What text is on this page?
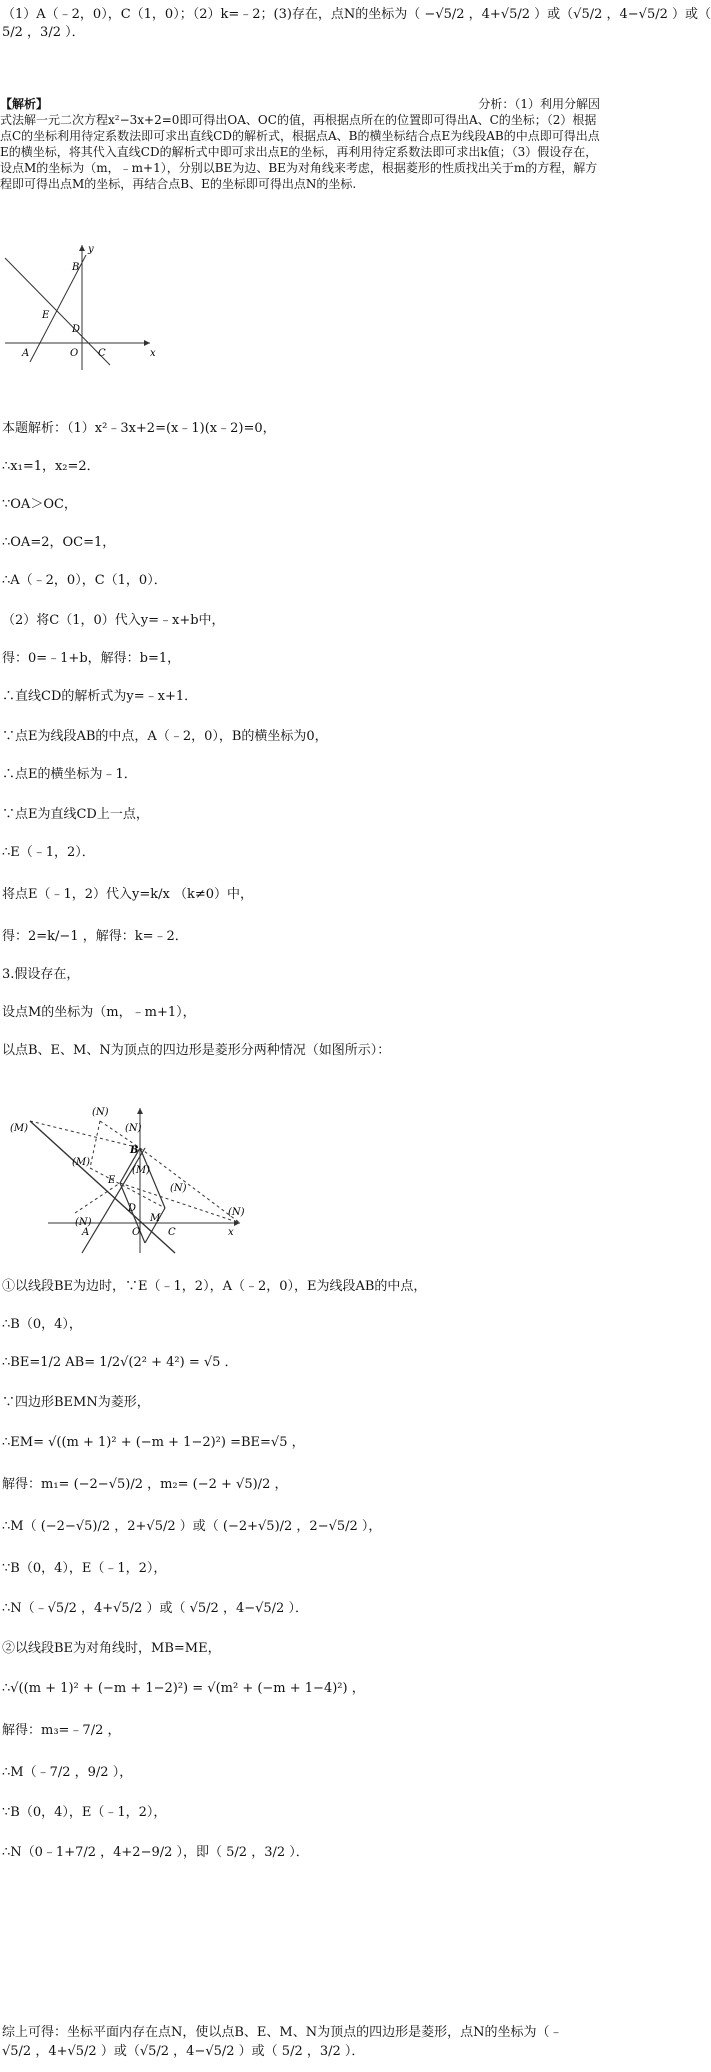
（1）A（﹣2，0），C（1，0）；（2）k=﹣2；(3)存在，点N的坐标为（ −√5/2 ，4+√5/2 ）或（√5/2 ，4−√5/2 ）或（
5/2 ，3/2 ）．
【解析】	分析：（1）利用分解因
式法解一元二次方程x²−3x+2=0即可得出OA、OC的值，再根据点所在的位置即可得出A、C的坐标；（2）根据点C的坐标利用待定系数法即可求出直线CD的解析式，根据点A、B的横坐标结合点E为线段AB的中点即可得出点E的横坐标，将其代入直线CD的解析式中即可求出点E的坐标，再利用待定系数法即可求出k值；（3）假设存在，设点M的坐标为（m，﹣m+1），分别以BE为边、BE为对角线来考虑，根据菱形的性质找出关于m的方程，解方程即可得出点M的坐标，再结合点B、E的坐标即可得出点N的坐标.
y
B
E
D
A	O C	x
本题解析：（1）x²﹣3x+2=(x﹣1)(x﹣2)=0，
∴x₁=1，x₂=2．
∵OA＞OC，
∴OA=2，OC=1，
∴A（﹣2，0），C（1，0）．
（2）将C（1，0）代入y=﹣x+b中，
得：0=﹣1+b，解得：b=1，
∴直线CD的解析式为y=﹣x+1．
∵点E为线段AB的中点，A（﹣2，0），B的横坐标为0，
∴点E的横坐标为﹣1．
∵点E为直线CD上一点，
∴E（﹣1，2）．
将点E（﹣1，2）代入y=k/x （k≠0）中，
得：2=k/−1 ，解得：k=﹣2．
3.假设存在，
设点M的坐标为（m，﹣m+1），
以点B、E、M、N为顶点的四边形是菱形分两种情况（如图所示）：
①以线段BE为边时，∵E（﹣1，2），A（﹣2，0），E为线段AB的中点，
∴B（0，4），
∴BE=1/2 AB= 1/2√(2² + 4²) = √5 ．
∵四边形BEMN为菱形，
∴EM= √((m + 1)² + (−m + 1−2)²) =BE=√5 ，
解得：m₁= (−2−√5)/2 ，m₂= (−2 + √5)/2 ，
∴M（ (−2−√5)/2 ，2+√5/2 ）或（ (−2+√5)/2 ，2−√5/2 ），
∵B（0，4），E（﹣1，2），
∴N（﹣√5/2 ，4+√5/2 ）或（ √5/2 ，4−√5/2 ）．
②以线段BE为对角线时，MB=ME，
∴√((m + 1)² + (−m + 1−2)²) = √(m² + (−m + 1−4)²) ，
解得：m₃=﹣7/2 ，
∴M（﹣7/2 ，9/2 ），
∵B（0，4），E（﹣1，2），
∴N（0﹣1+7/2 ，4+2−9/2 ），即（ 5/2 ，3/2 ）．
综上可得：坐标平面内存在点N，使以点B、E、M、N为顶点的四边形是菱形，点N的坐标为（﹣
(N)
(N)
(M)
B
(M)
E
(N)
(M)
D
A	O	C
M
x
(N)
(N)
√5/2 ，4+√5/2 ）或（√5/2 ，4−√5/2 ）或（ 5/2 ，3/2 ）．
